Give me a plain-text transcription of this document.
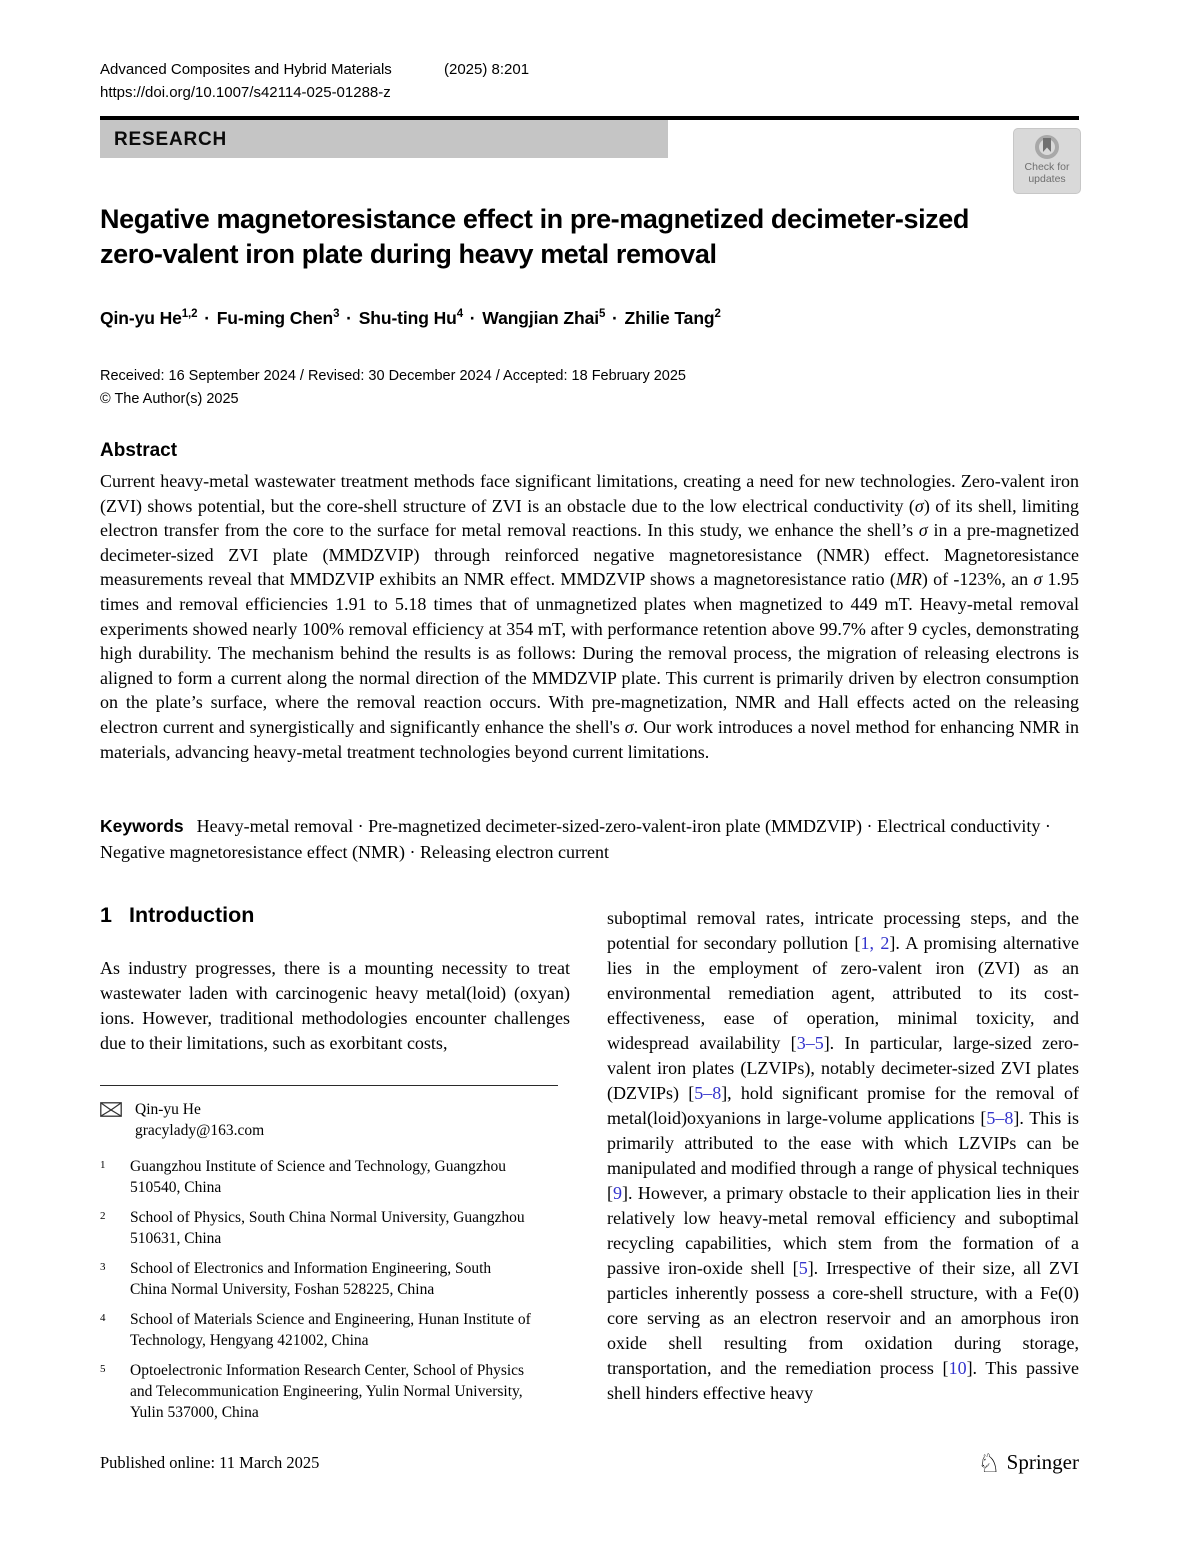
Advanced Composites and Hybrid Materials	(2025) 8:201
https://doi.org/10.1007/s42114-025-01288-z
RESEARCH
Check for
updates
Negative magnetoresistance effect in pre-magnetized decimeter-sized
zero-valent iron plate during heavy metal removal
Qin-yu He$^{1,2}$ · Fu-ming Chen$^3$ · Shu-ting $Hu^4$ · Wangjian Zhai$^5$ · Zhilie Tang$^2$
Received: 16 September 2024 / Revised: 30 December 2024 / Accepted: 18 February 2025
© The Author(s) 2025
Abstract

Current heavy-metal wastewater treatment methods face significant limitations, creating a need for new technologies. Zero-valent iron (ZVI) shows potential, but the core-shell structure of ZVI is an obstacle due to the low electrical conductivity (σ) of its shell, limiting electron transfer from the core to the surface for metal removal reactions. In this study, we enhance the shell’s σ in a pre-magnetized decimeter-sized ZVI plate (MMDZVIP) through reinforced negative magnetoresistance (NMR) effect. Magnetoresistance measurements reveal that MMDZVIP exhibits an NMR effect. MMDZVIP shows a magnetoresistance ratio (MR) of -123%, an σ 1.95 times and removal efficiencies 1.91 to 5.18 times that of unmagnetized plates when magnetized to 449 mT. Heavy-metal removal experiments showed nearly 100% removal efficiency at 354 mT, with performance retention above 99.7% after 9 cycles, demonstrating high durability. The mechanism behind the results is as follows: During the removal process, the migration of releasing electrons is aligned to form a current along the normal direction of the MMDZVIP plate. This current is primarily driven by electron consumption on the plate’s surface, where the removal reaction occurs. With pre-magnetization, NMR and Hall effects acted on the releasing electron current and synergistically and significantly enhance the shell's σ. Our work introduces a novel method for enhancing NMR in materials, advancing heavy-metal treatment technologies beyond current limitations.

Keywords Heavy-metal removal · Pre-magnetized decimeter-sized-zero-valent-iron plate (MMDZVIP) · Electrical conductivity · Negative magnetoresistance effect (NMR) · Releasing electron current
1 Introduction

As industry progresses, there is a mounting necessity to treat wastewater laden with carcinogenic heavy metal(loid) (oxyan) ions. However, traditional methodologies encounter challenges due to their limitations, such as exorbitant costs,

suboptimal removal rates, intricate processing steps, and the potential for secondary pollution [1, 2]. A promising alternative lies in the employment of zero-valent iron (ZVI) as an environmental remediation agent, attributed to its cost-effectiveness, ease of operation, minimal toxicity, and widespread availability [3–5]. In particular, large-sized zero-valent iron plates (LZVIPs), notably decimeter-sized ZVI plates (DZVIPs) [5–8], hold significant promise for the removal of metal(loid)oxyanions in large-volume applications [5–8]. This is primarily attributed to the ease with which LZVIPs can be manipulated and modified through a range of physical techniques [9]. However, a primary obstacle to their application lies in their relatively low heavy-metal removal efficiency and suboptimal recycling capabilities, which stem from the formation of a passive iron-oxide shell [5]. Irrespective of their size, all ZVI particles inherently possess a core-shell structure, with a Fe(0) core serving as an electron reservoir and an amorphous iron oxide shell resulting from oxidation during storage, transportation, and the remediation process [10]. This passive shell hinders effective heavy

Qin-yu He
gracylady@163.com
1	Guangzhou Institute of Science and Technology, Guangzhou 510540, China
2	School of Physics, South China Normal University, Guangzhou 510631, China
3	School of Electronics and Information Engineering, South China Normal University, Foshan 528225, China
4	School of Materials Science and Engineering, Hunan Institute of Technology, Hengyang 421002, China
5	Optoelectronic Information Research Center, School of Physics and Telecommunication Engineering, Yulin Normal University, Yulin 537000, China
Published online: 11 March 2025	♘ Springer
